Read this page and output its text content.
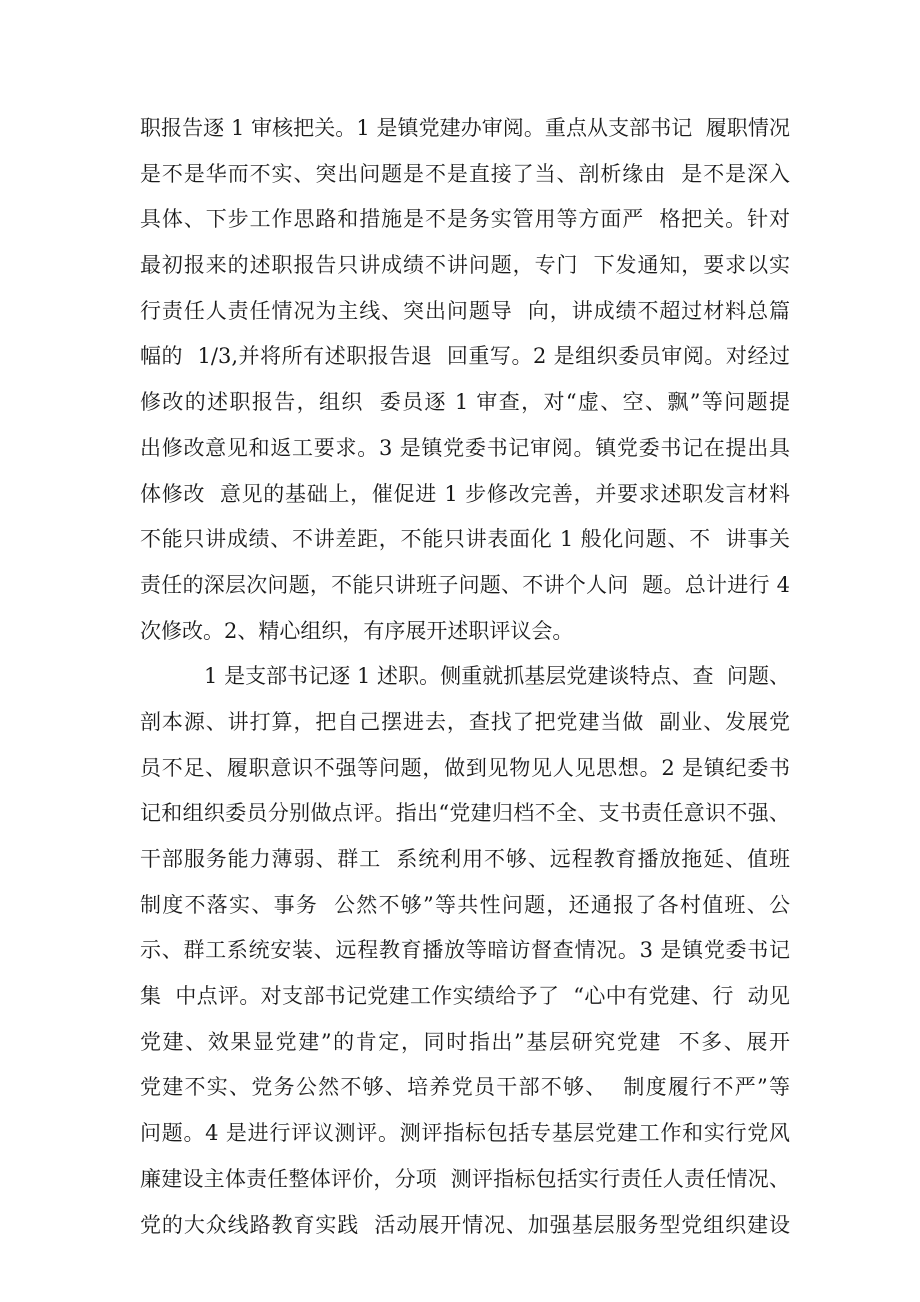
职报告逐 1 审核把关。1 是镇党建办审阅。重点从支部书记  履职情况
是不是华而不实、突出问题是不是直接了当、剖析缘由  是不是深入
具体、下步工作思路和措施是不是务实管用等方面严  格把关。针对
最初报来的述职报告只讲成绩不讲问题，专门  下发通知，要求以实
行责任人责任情况为主线、突出问题导  向，讲成绩不超过材料总篇
幅的  1/3,并将所有述职报告退  回重写。2 是组织委员审阅。对经过
修改的述职报告，组织  委员逐 1 审查，对“虚、空、飘”等问题提
出修改意见和返工要求。3 是镇党委书记审阅。镇党委书记在提出具
体修改  意见的基础上，催促进 1 步修改完善，并要求述职发言材料
不能只讲成绩、不讲差距，不能只讲表面化 1 般化问题、不  讲事关
责任的深层次问题，不能只讲班子问题、不讲个人问  题。总计进行 4
次修改。2、精心组织，有序展开述职评议会。
1 是支部书记逐 1 述职。侧重就抓基层党建谈特点、查  问题、
剖本源、讲打算，把自己摆进去，查找了把党建当做  副业、发展党
员不足、履职意识不强等问题，做到见物见人见思想。2 是镇纪委书
记和组织委员分别做点评。指出“党建归档不全、支书责任意识不强、
干部服务能力薄弱、群工  系统利用不够、远程教育播放拖延、值班
制度不落实、事务  公然不够”等共性问题，还通报了各村值班、公
示、群工系统安装、远程教育播放等暗访督查情况。3 是镇党委书记
集  中点评。对支部书记党建工作实绩给予了  “心中有党建、行  动见
党建、效果显党建”的肯定，同时指出”基层研究党建  不多、展开
党建不实、党务公然不够、培养党员干部不够、  制度履行不严”等
问题。4 是进行评议测评。测评指标包括专基层党建工作和实行党风
廉建设主体责任整体评价，分项  测评指标包括实行责任人责任情况、
党的大众线路教育实践  活动展开情况、加强基层服务型党组织建设
